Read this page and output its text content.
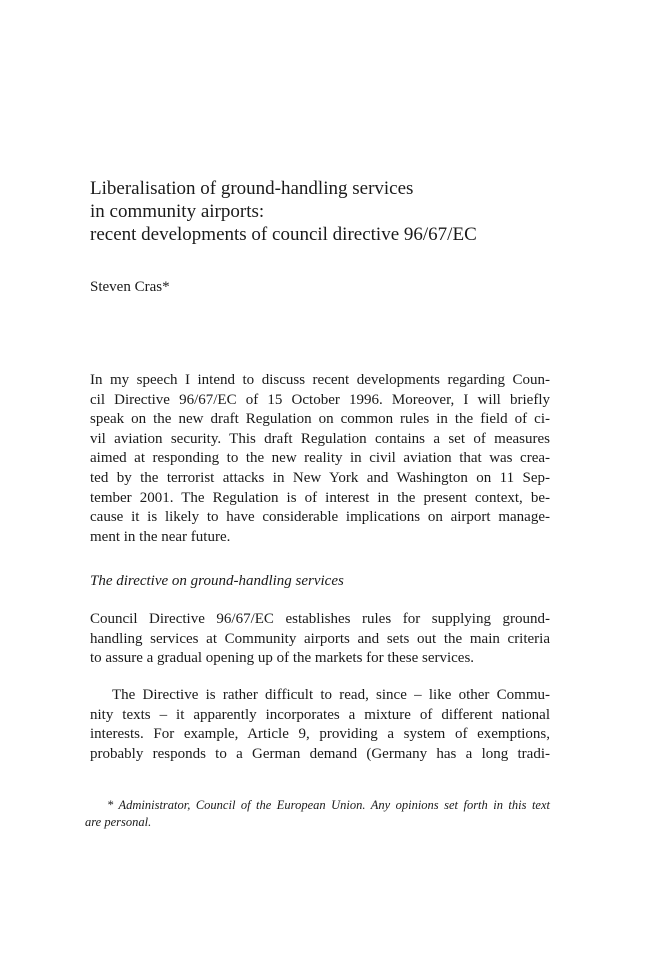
Liberalisation of ground-handling services
in community airports:
recent developments of council directive 96/67/EC
Steven Cras*
In my speech I intend to discuss recent developments regarding Coun-
cil Directive 96/67/EC of 15 October 1996. Moreover, I will briefly
speak on the new draft Regulation on common rules in the field of ci-
vil aviation security. This draft Regulation contains a set of measures
aimed at responding to the new reality in civil aviation that was crea-
ted by the terrorist attacks in New York and Washington on 11 Sep-
tember 2001. The Regulation is of interest in the present context, be-
cause it is likely to have considerable implications on airport manage-
ment in the near future.
The directive on ground-handling services
Council Directive 96/67/EC establishes rules for supplying ground-
handling services at Community airports and sets out the main criteria
to assure a gradual opening up of the markets for these services.
The Directive is rather difficult to read, since – like other Commu-
nity texts – it apparently incorporates a mixture of different national
interests. For example, Article 9, providing a system of exemptions,
probably responds to a German demand (Germany has a long tradi-
* Administrator, Council of the European Union. Any opinions set forth in this text
are personal.
